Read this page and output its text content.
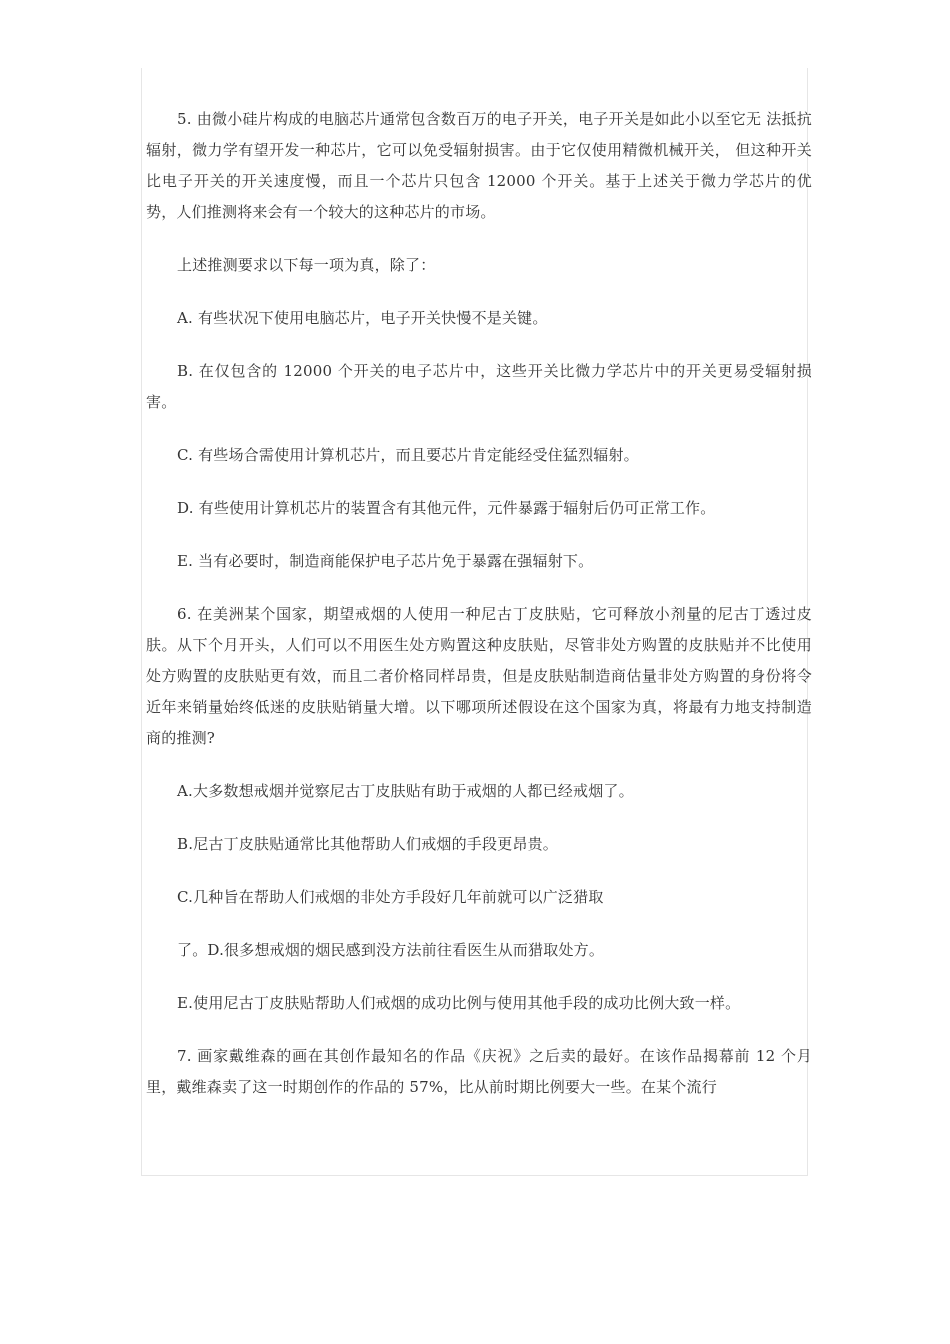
5. 由微小硅片构成的电脑芯片通常包含数百万的电子开关，电子开关是如此小以至它无 法抵抗辐射，微力学有望开发一种芯片，它可以免受辐射损害。由于它仅使用精微机械开关， 但这种开关比电子开关的开关速度慢，而且一个芯片只包含 12000 个开关。基于上述关于微力学芯片的优势，人们推测将来会有一个较大的这种芯片的市场。

上述推测要求以下每一项为真，除了：

A. 有些状况下使用电脑芯片，电子开关快慢不是关键。

B. 在仅包含的 12000 个开关的电子芯片中，这些开关比微力学芯片中的开关更易受辐射损害。

C. 有些场合需使用计算机芯片，而且要芯片肯定能经受住猛烈辐射。

D. 有些使用计算机芯片的装置含有其他元件，元件暴露于辐射后仍可正常工作。

E. 当有必要时，制造商能保护电子芯片免于暴露在强辐射下。

6. 在美洲某个国家，期望戒烟的人使用一种尼古丁皮肤贴，它可释放小剂量的尼古丁透过皮肤。从下个月开头，人们可以不用医生处方购置这种皮肤贴，尽管非处方购置的皮肤贴并不比使用处方购置的皮肤贴更有效，而且二者价格同样昂贵，但是皮肤贴制造商估量非处方购置的身份将令近年来销量始终低迷的皮肤贴销量大增。以下哪项所述假设在这个国家为真，将最有力地支持制造商的推测?

A.大多数想戒烟并觉察尼古丁皮肤贴有助于戒烟的人都已经戒烟了。

B.尼古丁皮肤贴通常比其他帮助人们戒烟的手段更昂贵。

C.几种旨在帮助人们戒烟的非处方手段好几年前就可以广泛猎取

了。D.很多想戒烟的烟民感到没方法前往看医生从而猎取处方。

E.使用尼古丁皮肤贴帮助人们戒烟的成功比例与使用其他手段的成功比例大致一样。

7. 画家戴维森的画在其创作最知名的作品《庆祝》之后卖的最好。在该作品揭幕前 12 个月里，戴维森卖了这一时期创作的作品的 57%，比从前时期比例要大一些。在某个流行
